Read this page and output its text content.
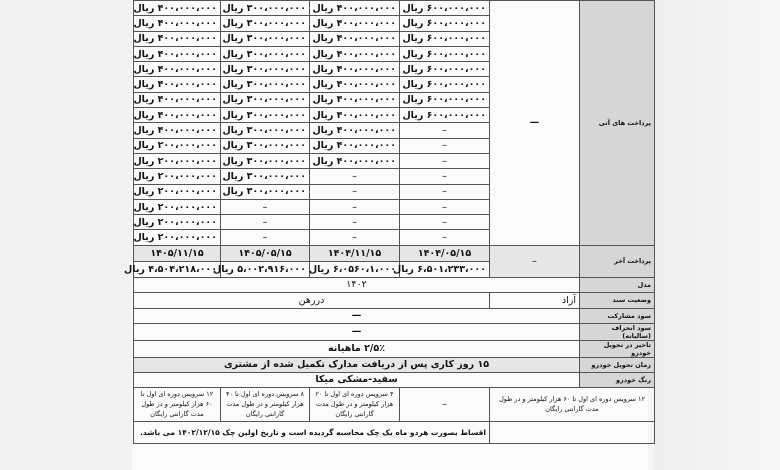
۴۰۰،۰۰۰،۰۰۰ ریال	۳۰۰،۰۰۰،۰۰۰ ریال	۴۰۰،۰۰۰،۰۰۰ ریال	۶۰۰،۰۰۰،۰۰۰ ریال	—	پرداخت های آتی
۴۰۰،۰۰۰،۰۰۰ ریال	۳۰۰،۰۰۰،۰۰۰ ریال	۴۰۰،۰۰۰،۰۰۰ ریال	۶۰۰،۰۰۰،۰۰۰ ریال		
۴۰۰،۰۰۰،۰۰۰ ریال	۳۰۰،۰۰۰،۰۰۰ ریال	۴۰۰،۰۰۰،۰۰۰ ریال	۶۰۰،۰۰۰،۰۰۰ ریال		
۴۰۰،۰۰۰،۰۰۰ ریال	۳۰۰،۰۰۰،۰۰۰ ریال	۴۰۰،۰۰۰،۰۰۰ ریال	۶۰۰،۰۰۰،۰۰۰ ریال		
۴۰۰،۰۰۰،۰۰۰ ریال	۳۰۰،۰۰۰،۰۰۰ ریال	۴۰۰،۰۰۰،۰۰۰ ریال	۶۰۰،۰۰۰،۰۰۰ ریال		
۴۰۰،۰۰۰،۰۰۰ ریال	۳۰۰،۰۰۰،۰۰۰ ریال	۴۰۰،۰۰۰،۰۰۰ ریال	۶۰۰،۰۰۰،۰۰۰ ریال		
۴۰۰،۰۰۰،۰۰۰ ریال	۳۰۰،۰۰۰،۰۰۰ ریال	۴۰۰،۰۰۰،۰۰۰ ریال	۶۰۰،۰۰۰،۰۰۰ ریال		
۴۰۰،۰۰۰،۰۰۰ ریال	۳۰۰،۰۰۰،۰۰۰ ریال	۴۰۰،۰۰۰،۰۰۰ ریال	۶۰۰،۰۰۰،۰۰۰ ریال		
۴۰۰،۰۰۰،۰۰۰ ریال	۳۰۰،۰۰۰،۰۰۰ ریال	۴۰۰،۰۰۰،۰۰۰ ریال	–		
۲۰۰،۰۰۰،۰۰۰ ریال	۳۰۰،۰۰۰،۰۰۰ ریال	۴۰۰،۰۰۰،۰۰۰ ریال	–		
۲۰۰،۰۰۰،۰۰۰ ریال	۳۰۰،۰۰۰،۰۰۰ ریال	۴۰۰،۰۰۰،۰۰۰ ریال	–		
۲۰۰،۰۰۰،۰۰۰ ریال	۳۰۰،۰۰۰،۰۰۰ ریال	–	–		
۲۰۰،۰۰۰،۰۰۰ ریال	۳۰۰،۰۰۰،۰۰۰ ریال	–	–		
۲۰۰،۰۰۰،۰۰۰ ریال	–	–	–		
۲۰۰،۰۰۰،۰۰۰ ریال	–	–	–		
۲۰۰،۰۰۰،۰۰۰ ریال	–	–	–		
۱۴۰۵/۱۱/۱۵	۱۴۰۵/۰۵/۱۵	۱۴۰۴/۱۱/۱۵	۱۴۰۴/۰۵/۱۵	–	پرداخت آخر
۴،۵۰۴،۲۱۸،۰۰۰ ریال	۵،۰۰۲،۹۱۶،۰۰۰ ریال	۶،۰۵۶۰،۱،۰۰۰ ریال	۶،۵۰۱،۲۳۳،۰۰۰ ریال		
۱۴۰۲					مدل
دررهن				آزاد	وضعیت سند
—					سود مشارکت
—					سود انحراف (سالیانه)
۲/۵٪ ماهیانه					تاخیر در تحویل خودرو
۱۵ روز کاری پس از دریافت مدارک تکمیل شده از مشتری					زمان تحویل خودرو
سفید-مشکی میکا					رنگ خودرو
۱۲ سرویس دوره ای اول تا ۶۰ هزار کیلومتر و در طول مدت گارانتی رایگان	۸ سرویس دوره ای اول تا ۴۰ هزار کیلومتر و در طول مدت گارانتی رایگان	۴ سرویس دوره ای اول تا ۲۰ هزار کیلومتر و در طول مدت گارانتی رایگان	–	۱۲ سرویس دوره ای اول تا ۶۰ هزار کیلومتر و در طول مدت گارانتی رایگان	
اقساط بصورت هردو ماه یک چک محاسبه گردیده است و تاریخ اولین چک ۱۴۰۲/۱۲/۱۵ می باشد.					
